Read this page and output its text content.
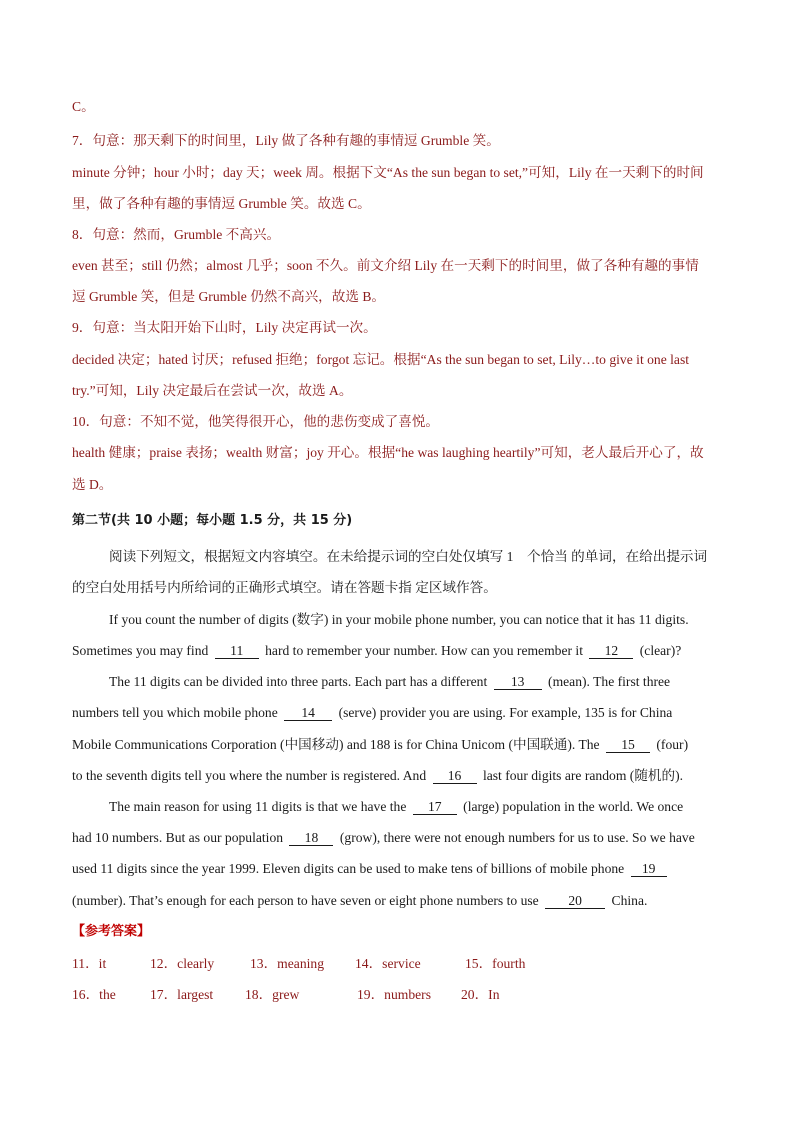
C。
7．句意：那天剩下的时间里，Lily 做了各种有趣的事情逗 Grumble 笑。
minute 分钟；hour 小时；day 天；week 周。根据下文“As the sun began to set,”可知，Lily 在一天剩下的时间
里，做了各种有趣的事情逗 Grumble 笑。故选 C。
8．句意：然而，Grumble 不高兴。
even 甚至；still 仍然；almost 几乎；soon 不久。前文介绍 Lily 在一天剩下的时间里，做了各种有趣的事情
逗 Grumble 笑，但是 Grumble 仍然不高兴，故选 B。
9．句意：当太阳开始下山时，Lily 决定再试一次。
decided 决定；hated 讨厌；refused 拒绝；forgot 忘记。根据“As the sun began to set, Lily…to give it one last
try.”可知，Lily 决定最后在尝试一次，故选 A。
10．句意：不知不觉，他笑得很开心，他的悲伤变成了喜悦。
health 健康；praise 表扬；wealth 财富；joy 开心。根据“he was laughing heartily”可知，老人最后开心了，故
选 D。
第二节(共 10 小题；每小题 1.5 分，共 15 分)
阅读下列短文，根据短文内容填空。在未给提示词的空白处仅填写 1　个恰当 的单词，在给出提示词
的空白处用括号内所给词的正确形式填空。请在答题卡指 定区域作答。
If you count the number of digits (数字) in your mobile phone number, you can notice that it has 11 digits.
Sometimes you may find 11 hard to remember your number. How can you remember it 12 (clear)?
The 11 digits can be divided into three parts. Each part has a different 13 (mean). The first three
numbers tell you which mobile phone 14 (serve) provider you are using. For example, 135 is for China
Mobile Communications Corporation (中国移动) and 188 is for China Unicom (中国联通). The 15 (four)
to the seventh digits tell you where the number is registered. And 16 last four digits are random (随机的).
The main reason for using 11 digits is that we have the 17 (large) population in the world. We once
had 10 numbers. But as our population 18 (grow), there were not enough numbers for us to use. So we have
used 11 digits since the year 1999. Eleven digits can be used to make tens of billions of mobile phone 19
(number). That’s enough for each person to have seven or eight phone numbers to use 20 China.
【参考答案】
11．it	12．clearly	13．meaning 14．service	15．fourth
16．the	17．largest 18．grew	19．numbers 20．In
